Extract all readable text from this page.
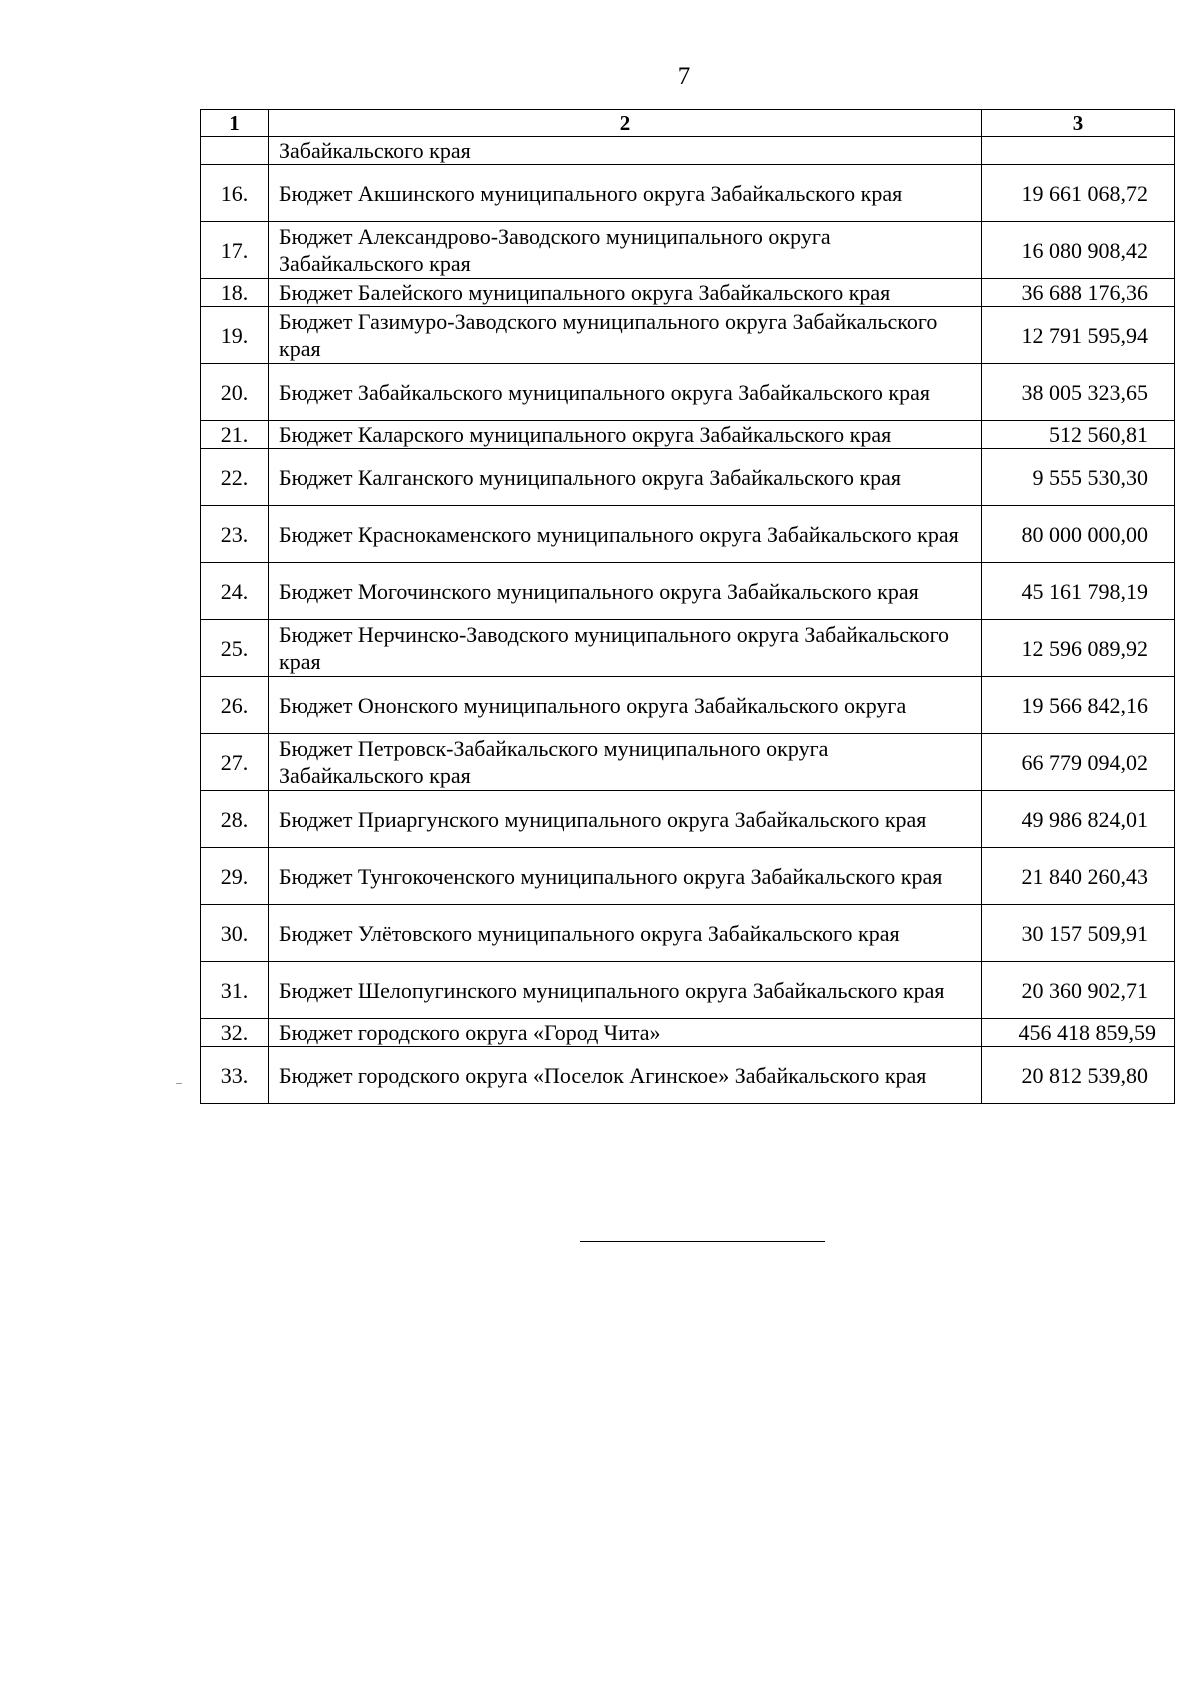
7
1	2	3
	Забайкальского края	
16.	Бюджет Акшинского муниципального округа Забайкальского края	19 661 068,72
17.	Бюджет Александрово-Заводского муниципального округа Забайкальского края	16 080 908,42
18.	Бюджет Балейского муниципального округа Забайкальского края	36 688 176,36
19.	Бюджет Газимуро-Заводского муниципального округа Забайкальского края	12 791 595,94
20.	Бюджет Забайкальского муниципального округа Забайкальского края	38 005 323,65
21.	Бюджет Каларского муниципального округа Забайкальского края	512 560,81
22.	Бюджет Калганского муниципального округа Забайкальского края	9 555 530,30
23.	Бюджет Краснокаменского муниципального округа Забайкальского края	80 000 000,00
24.	Бюджет Могочинского муниципального округа Забайкальского края	45 161 798,19
25.	Бюджет Нерчинско-Заводского муниципального округа Забайкальского края	12 596 089,92
26.	Бюджет Ононского муниципального округа Забайкальского округа	19 566 842,16
27.	Бюджет Петровск-Забайкальского муниципального округа Забайкальского края	66 779 094,02
28.	Бюджет Приаргунского муниципального округа Забайкальского края	49 986 824,01
29.	Бюджет Тунгокоченского муниципального округа Забайкальского края	21 840 260,43
30.	Бюджет Улётовского муниципального округа Забайкальского края	30 157 509,91
31.	Бюджет Шелопугинского муниципального округа Забайкальского края	20 360 902,71
32.	Бюджет городского округа «Город Чита»	456 418 859,59
33.	Бюджет городского округа «Поселок Агинское» Забайкальского края	20 812 539,80
